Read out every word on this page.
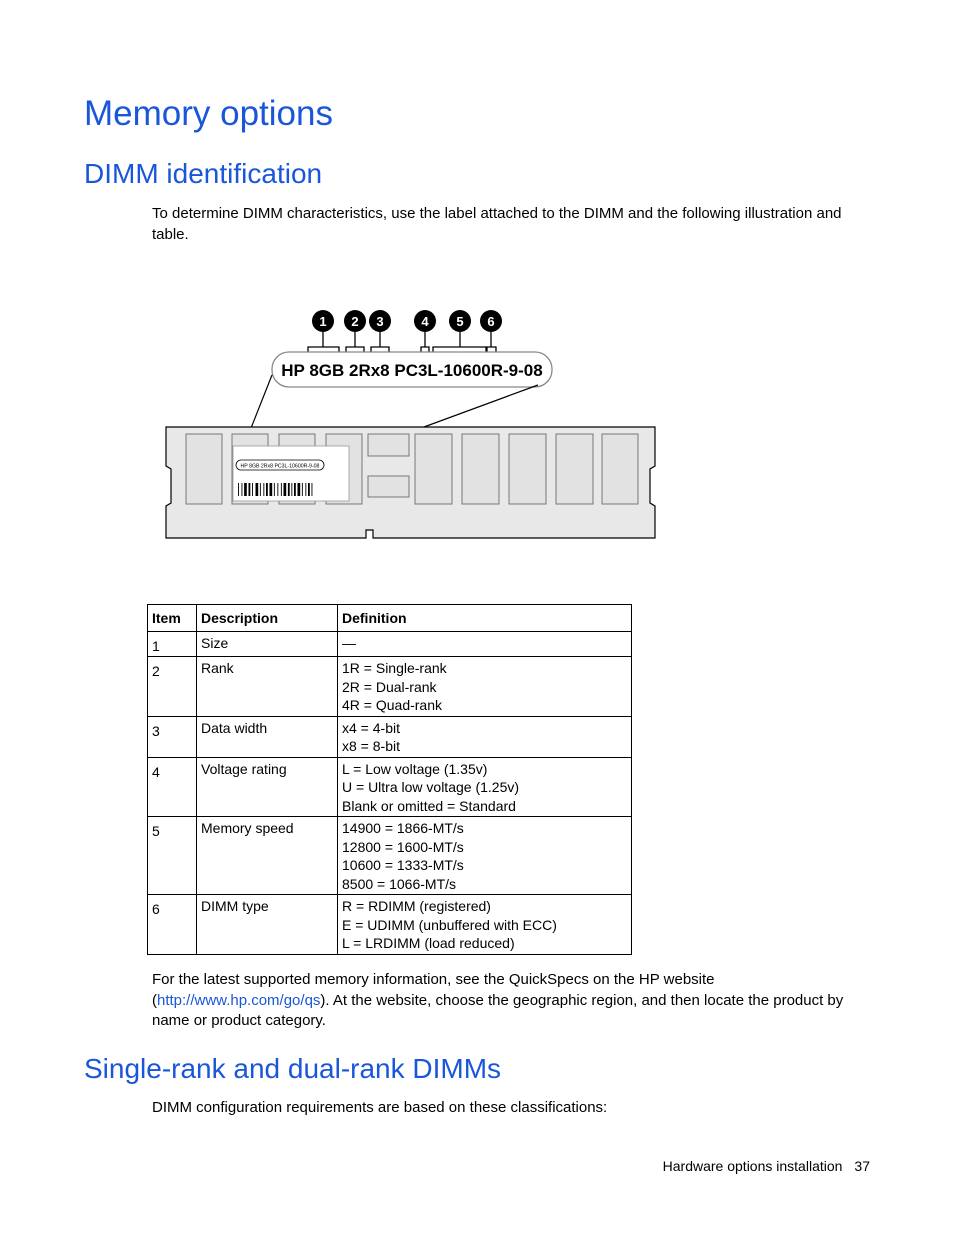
Memory options
DIMM identification

To determine DIMM characteristics, use the label attached to the DIMM and the following illustration and table.

1 2 3	4 5 6
HP 8GB 2Rx8 PC3L-10600R-9-08
HP 8GB 2Rx8 PC3L-10600R-9-08
Item	Description	Definition
1	Size	—

2	Rank	1R = Single-rank
2R = Dual-rank
4R = Quad-rank

3	Data width	x4 = 4-bit
x8 = 8-bit

4	Voltage rating	L = Low voltage (1.35v)
U = Ultra low voltage (1.25v)
Blank or omitted = Standard

5	Memory speed	14900 = 1866-MT/s
12800 = 1600-MT/s
10600 = 1333-MT/s
8500 = 1066-MT/s

6	DIMM type	R = RDIMM (registered)
E = UDIMM (unbuffered with ECC)
L = LRDIMM (load reduced)

For the latest supported memory information, see the QuickSpecs on the HP website (http://www.hp.com/go/qs). At the website, choose the geographic region, and then locate the product by name or product category.

Single-rank and dual-rank DIMMs

DIMM configuration requirements are based on these classifications:

Hardware options installation 37
